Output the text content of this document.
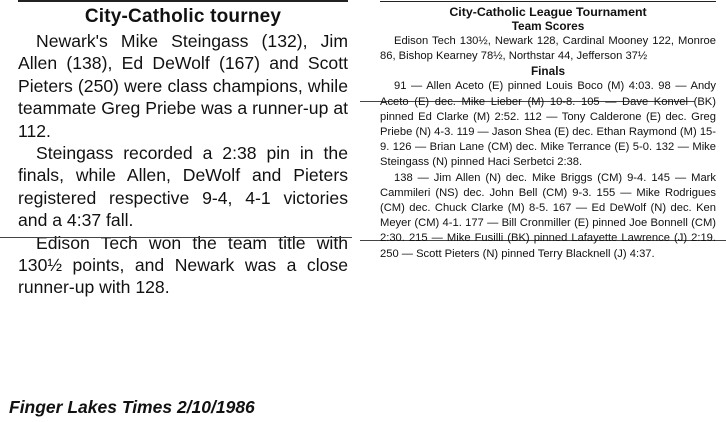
City-Catholic tourney

Newark's Mike Steingass (132), Jim Allen (138), Ed DeWolf (167) and Scott Pieters (250) were class champions, while teammate Greg Priebe was a runner-up at 112.

Steingass recorded a 2:38 pin in the finals, while Allen, DeWolf and Pieters registered respective 9-4, 4-1 victories and a 4:37 fall.

Edison Tech won the team title with 130½ points, and Newark was a close runner-up with 128.

Finger Lakes Times 2/10/1986
City-Catholic League Tournament
Team Scores

Edison Tech 130½, Newark 128, Cardinal Mooney 122, Monroe 86, Bishop Kearney 78½, Northstar 44, Jefferson 37½

Finals

91 — Allen Aceto (E) pinned Louis Boco (M) 4:03. 98 — Andy Aceto (E) dec. Mike Lieber (M) 10-8. 105 — Dave Konvel (BK) pinned Ed Clarke (M) 2:52. 112 — Tony Calderone (E) dec. Greg Priebe (N) 4-3. 119 — Jason Shea (E) dec. Ethan Raymond (M) 15-9. 126 — Brian Lane (CM) dec. Mike Terrance (E) 5-0. 132 — Mike Steingass (N) pinned Haci Serbetci 2:38.

138 — Jim Allen (N) dec. Mike Briggs (CM) 9-4. 145 — Mark Cammileri (NS) dec. John Bell (CM) 9-3. 155 — Mike Rodrigues (CM) dec. Chuck Clarke (M) 8-5. 167 — Ed DeWolf (N) dec. Ken Meyer (CM) 4-1. 177 — Bill Cronmiller (E) pinned Joe Bonnell (CM) 2:30. 215 — Mike Fusilli (BK) pinned Lafayette Lawrence (J) 2:19. 250 — Scott Pieters (N) pinned Terry Blacknell (J) 4:37.
